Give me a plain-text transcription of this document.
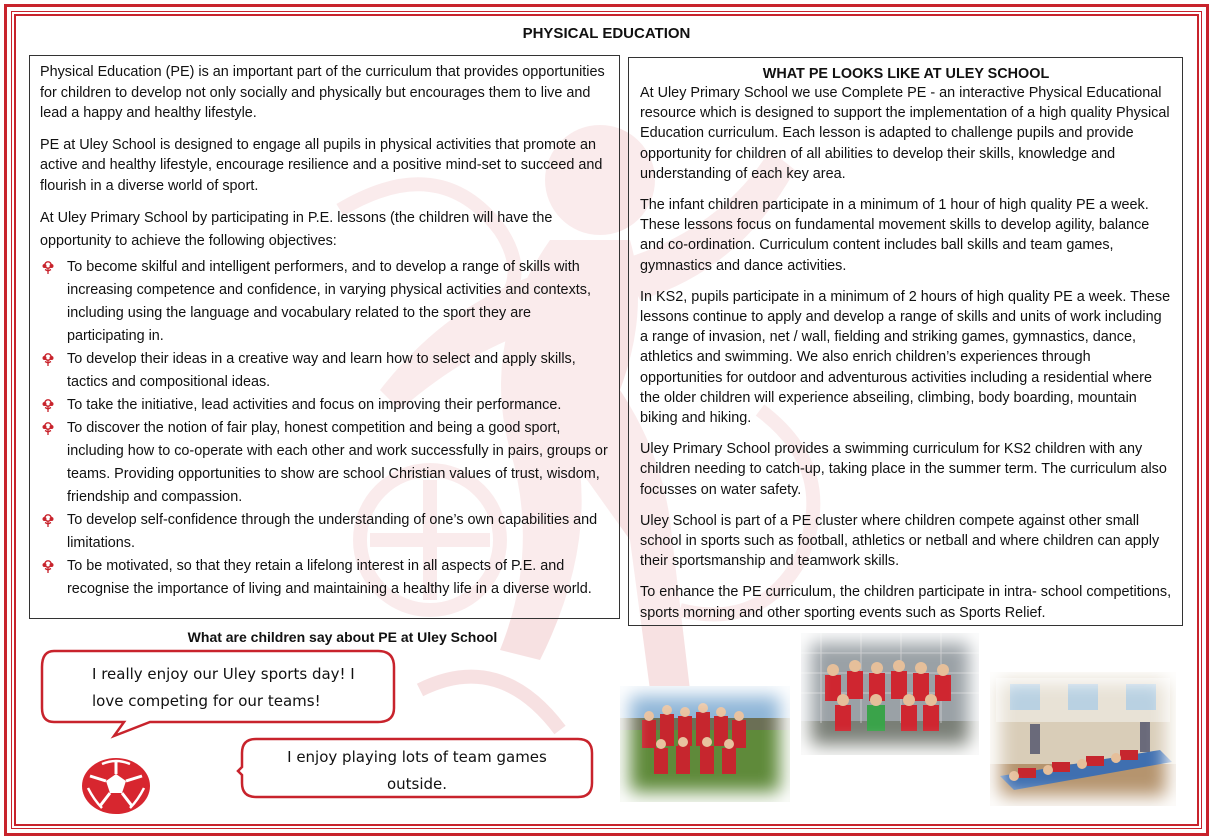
PHYSICAL EDUCATION

Physical Education (PE) is an important part of the curriculum that provides opportunities for children to develop not only socially and physically but encourages them to live and lead a happy and healthy lifestyle.

PE at Uley School is designed to engage all pupils in physical activities that promote an active and healthy lifestyle, encourage resilience and a positive mind-set to succeed and flourish in a diverse world of sport.

At Uley Primary School by participating in P.E. lessons (the children will have the opportunity to achieve the following objectives:

To become skilful and intelligent performers, and to develop a range of skills with increasing competence and confidence, in varying physical activities and contexts, including using the language and vocabulary related to the sport they are participating in.
To develop their ideas in a creative way and learn how to select and apply skills, tactics and compositional ideas.
To take the initiative, lead activities and focus on improving their performance.
To discover the notion of fair play, honest competition and being a good sport, including how to co-operate with each other and work successfully in pairs, groups or teams. Providing opportunities to show are school Christian values of trust, wisdom, friendship and compassion.
To develop self-confidence through the understanding of one’s own capabilities and limitations.
To be motivated, so that they retain a lifelong interest in all aspects of P.E. and recognise the importance of living and maintaining a healthy life in a diverse world.

WHAT PE LOOKS LIKE AT ULEY SCHOOL

At Uley Primary School we use Complete PE - an interactive Physical Educational resource which is designed to support the implementation of a high quality Physical Education curriculum. Each lesson is adapted to challenge pupils and provide opportunity for children of all abilities to develop their skills, knowledge and understanding of each key area.

The infant children participate in a minimum of 1 hour of high quality PE a week. These lessons focus on fundamental movement skills to develop agility, balance and co-ordination. Curriculum content includes ball skills and team games, gymnastics and dance activities.

In KS2, pupils participate in a minimum of 2 hours of high quality PE a week. These lessons continue to apply and develop a range of skills and units of work including a range of invasion, net / wall, fielding and striking games, gymnastics, dance, athletics and swimming. We also enrich children’s experiences through opportunities for outdoor and adventurous activities including a residential where the older children will experience abseiling, climbing, body boarding, mountain biking and hiking.

Uley Primary School provides a swimming curriculum for KS2 children with any children needing to catch-up, taking place in the summer term. The curriculum also focusses on water safety.

Uley School is part of a PE cluster where children compete against other small school in sports such as football, athletics or netball and where children can apply their sportsmanship and teamwork skills.

To enhance the PE curriculum, the children participate in intra- school competitions, sports morning and other sporting events such as Sports Relief.

What are children say about PE at Uley School
I really enjoy our Uley sports day! I
love competing for our teams!
I enjoy playing lots of team games
outside.
